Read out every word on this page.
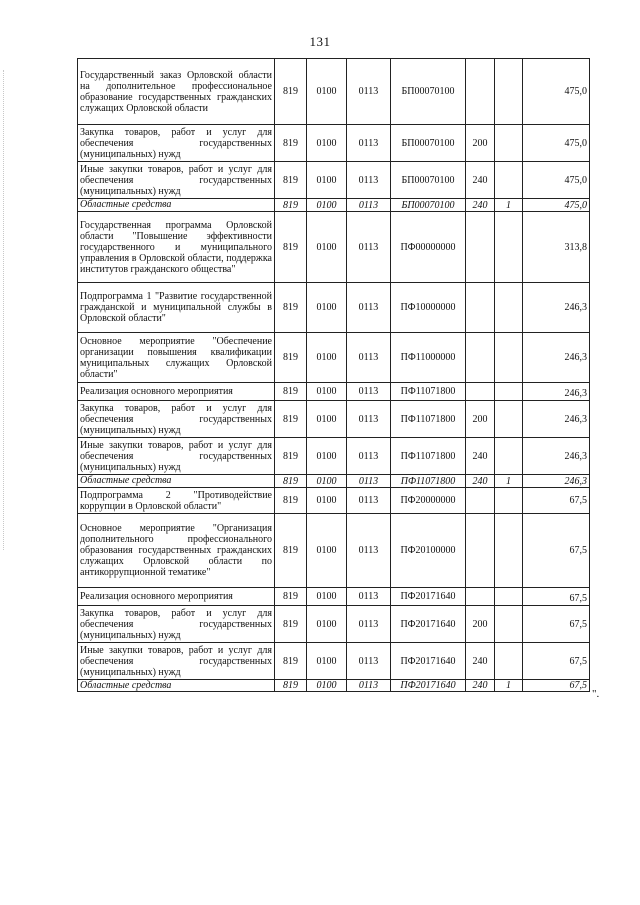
131
Государственный заказ Орловской области на дополнительное профессиональное образование государственных гражданских служащих Орловской области	819	0100	0113	БП00070100			475,0
Закупка товаров, работ и услуг для обеспечения государственных (муниципальных) нужд	819	0100	0113	БП00070100	200		475,0
Иные закупки товаров, работ и услуг для обеспечения государственных (муниципальных) нужд	819	0100	0113	БП00070100	240		475,0
Областные средства	819	0100	0113	БП00070100	240	1	475,0
Государственная программа Орловской области "Повышение эффективности государственного и муниципального управления в Орловской области, поддержка институтов гражданского общества"	819	0100	0113	ПФ00000000			313,8
Подпрограмма 1 "Развитие государственной гражданской и муниципальной службы в Орловской области"	819	0100	0113	ПФ10000000			246,3
Основное мероприятие "Обеспечение организации повышения квалификации муниципальных служащих Орловской области"	819	0100	0113	ПФ11000000			246,3
Реализация основного мероприятия	819	0100	0113	ПФ11071800			246,3

Закупка товаров, работ и услуг для обеспечения государственных (муниципальных) нужд	819	0100	0113	ПФ11071800	200		246,3
Иные закупки товаров, работ и услуг для обеспечения государственных (муниципальных) нужд	819	0100	0113	ПФ11071800	240		246,3
Областные средства	819	0100	0113	ПФ11071800	240	1	246,3
Подпрограмма 2 "Противодействие коррупции в Орловской области"	819	0100	0113	ПФ20000000			67,5
Основное мероприятие "Организация дополнительного профессионального образования государственных гражданских служащих Орловской области по антикоррупционной тематике"	819	0100	0113	ПФ20100000			67,5
Реализация основного мероприятия	819	0100	0113	ПФ20171640			67,5

Закупка товаров, работ и услуг для обеспечения государственных (муниципальных) нужд	819	0100	0113	ПФ20171640	200		67,5
Иные закупки товаров, работ и услуг для обеспечения государственных (муниципальных) нужд	819	0100	0113	ПФ20171640	240		67,5
Областные средства	819	0100	0113	ПФ20171640	240	1	67,5
".
